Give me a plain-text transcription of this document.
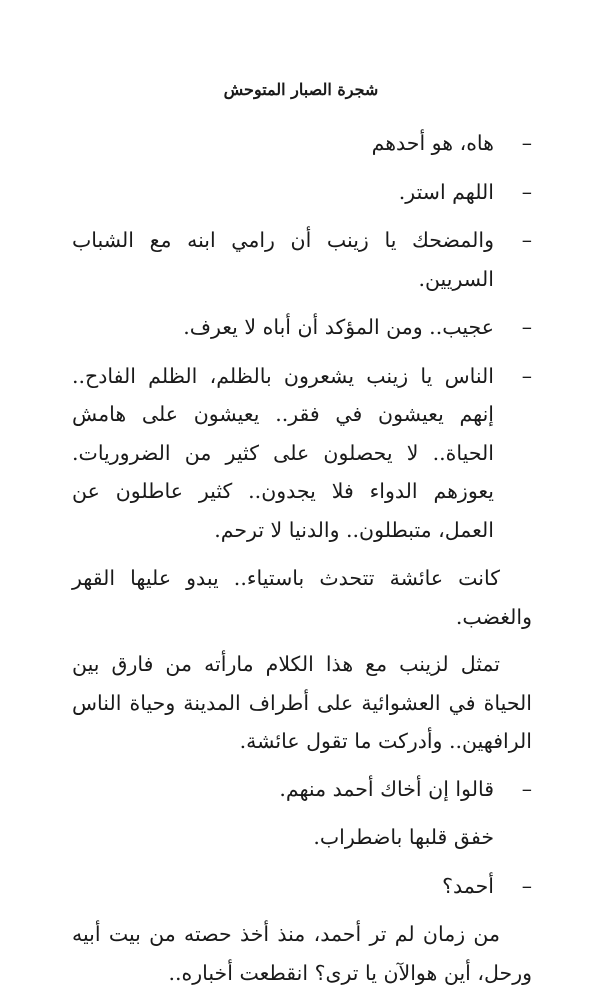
شجرة الصبار المتوحش
–
هاه، هو أحدهم
–
اللهم استر.
–
والمضحك يا زينب أن رامي ابنه مع الشباب السريين.
–
عجيب.. ومن المؤكد أن أباه لا يعرف.
–
الناس يا زينب يشعرون بالظلم، الظلم الفادح.. إنهم يعيشون في فقر.. يعيشون على هامش الحياة.. لا يحصلون على كثير من الضروريات. يعوزهم الدواء فلا يجدون.. كثير عاطلون عن العمل، متبطلون.. والدنيا لا ترحم.
كانت عائشة تتحدث باستياء.. يبدو عليها القهر والغضب.
تمثل لزينب مع هذا الكلام مارأته من فارق بين الحياة في العشوائية على أطراف المدينة وحياة الناس الرافهين.. وأدركت ما تقول عائشة.
–
قالوا إن أخاك أحمد منهم.
خفق قلبها باضطراب.
–
أحمد؟
من زمان لم تر أحمد، منذ أخذ حصته من بيت أبيه ورحل، أين هوالآن يا ترى؟ انقطعت أخباره..
